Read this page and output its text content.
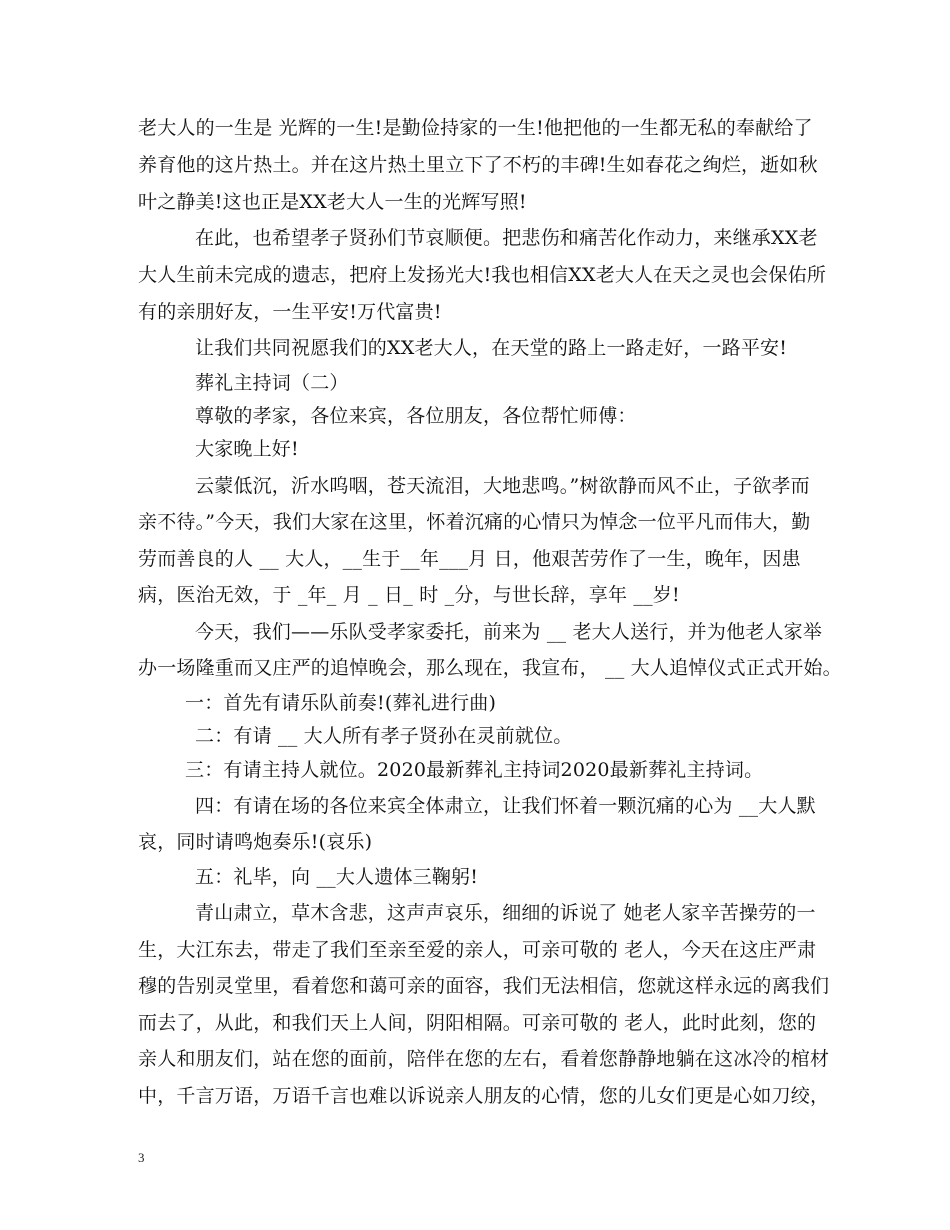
老大人的一生是 光辉的一生!是勤俭持家的一生!他把他的一生都无私的奉献给了
养育他的这片热土。并在这片热土里立下了不朽的丰碑!生如春花之绚烂，逝如秋
叶之静美!这也正是XX老大人一生的光辉写照!
在此，也希望孝子贤孙们节哀顺便。把悲伤和痛苦化作动力，来继承XX老
大人生前未完成的遗志，把府上发扬光大!我也相信XX老大人在天之灵也会保佑所
有的亲朋好友，一生平安!万代富贵!
让我们共同祝愿我们的XX老大人，在天堂的路上一路走好，一路平安!
葬礼主持词（二）
尊敬的孝家，各位来宾，各位朋友，各位帮忙师傅：
大家晚上好!
云蒙低沉，沂水呜咽，苍天流泪，大地悲鸣。”树欲静而风不止，子欲孝而
亲不待。”今天，我们大家在这里，怀着沉痛的心情只为悼念一位平凡而伟大，勤
劳而善良的人 __ 大人，__生于__年___月 日，他艰苦劳作了一生，晚年，因患
病，医治无效，于 _年_ 月 _ 日_ 时 _分，与世长辞，享年 __岁!
今天，我们——乐队受孝家委托，前来为 __ 老大人送行，并为他老人家举
办一场隆重而又庄严的追悼晚会，那么现在，我宣布， __ 大人追悼仪式正式开始。
一：首先有请乐队前奏!(葬礼进行曲)
二：有请 __ 大人所有孝子贤孙在灵前就位。
三：有请主持人就位。2020最新葬礼主持词2020最新葬礼主持词。
四：有请在场的各位来宾全体肃立，让我们怀着一颗沉痛的心为 __大人默
哀，同时请鸣炮奏乐!(哀乐)
五：礼毕，向 __大人遗体三鞠躬!
青山肃立，草木含悲，这声声哀乐，细细的诉说了 她老人家辛苦操劳的一
生，大江东去，带走了我们至亲至爱的亲人，可亲可敬的 老人，今天在这庄严肃
穆的告别灵堂里，看着您和蔼可亲的面容，我们无法相信，您就这样永远的离我们
而去了，从此，和我们天上人间，阴阳相隔。可亲可敬的 老人，此时此刻，您的
亲人和朋友们，站在您的面前，陪伴在您的左右，看着您静静地躺在这冰冷的棺材
中，千言万语，万语千言也难以诉说亲人朋友的心情，您的儿女们更是心如刀绞，
3
